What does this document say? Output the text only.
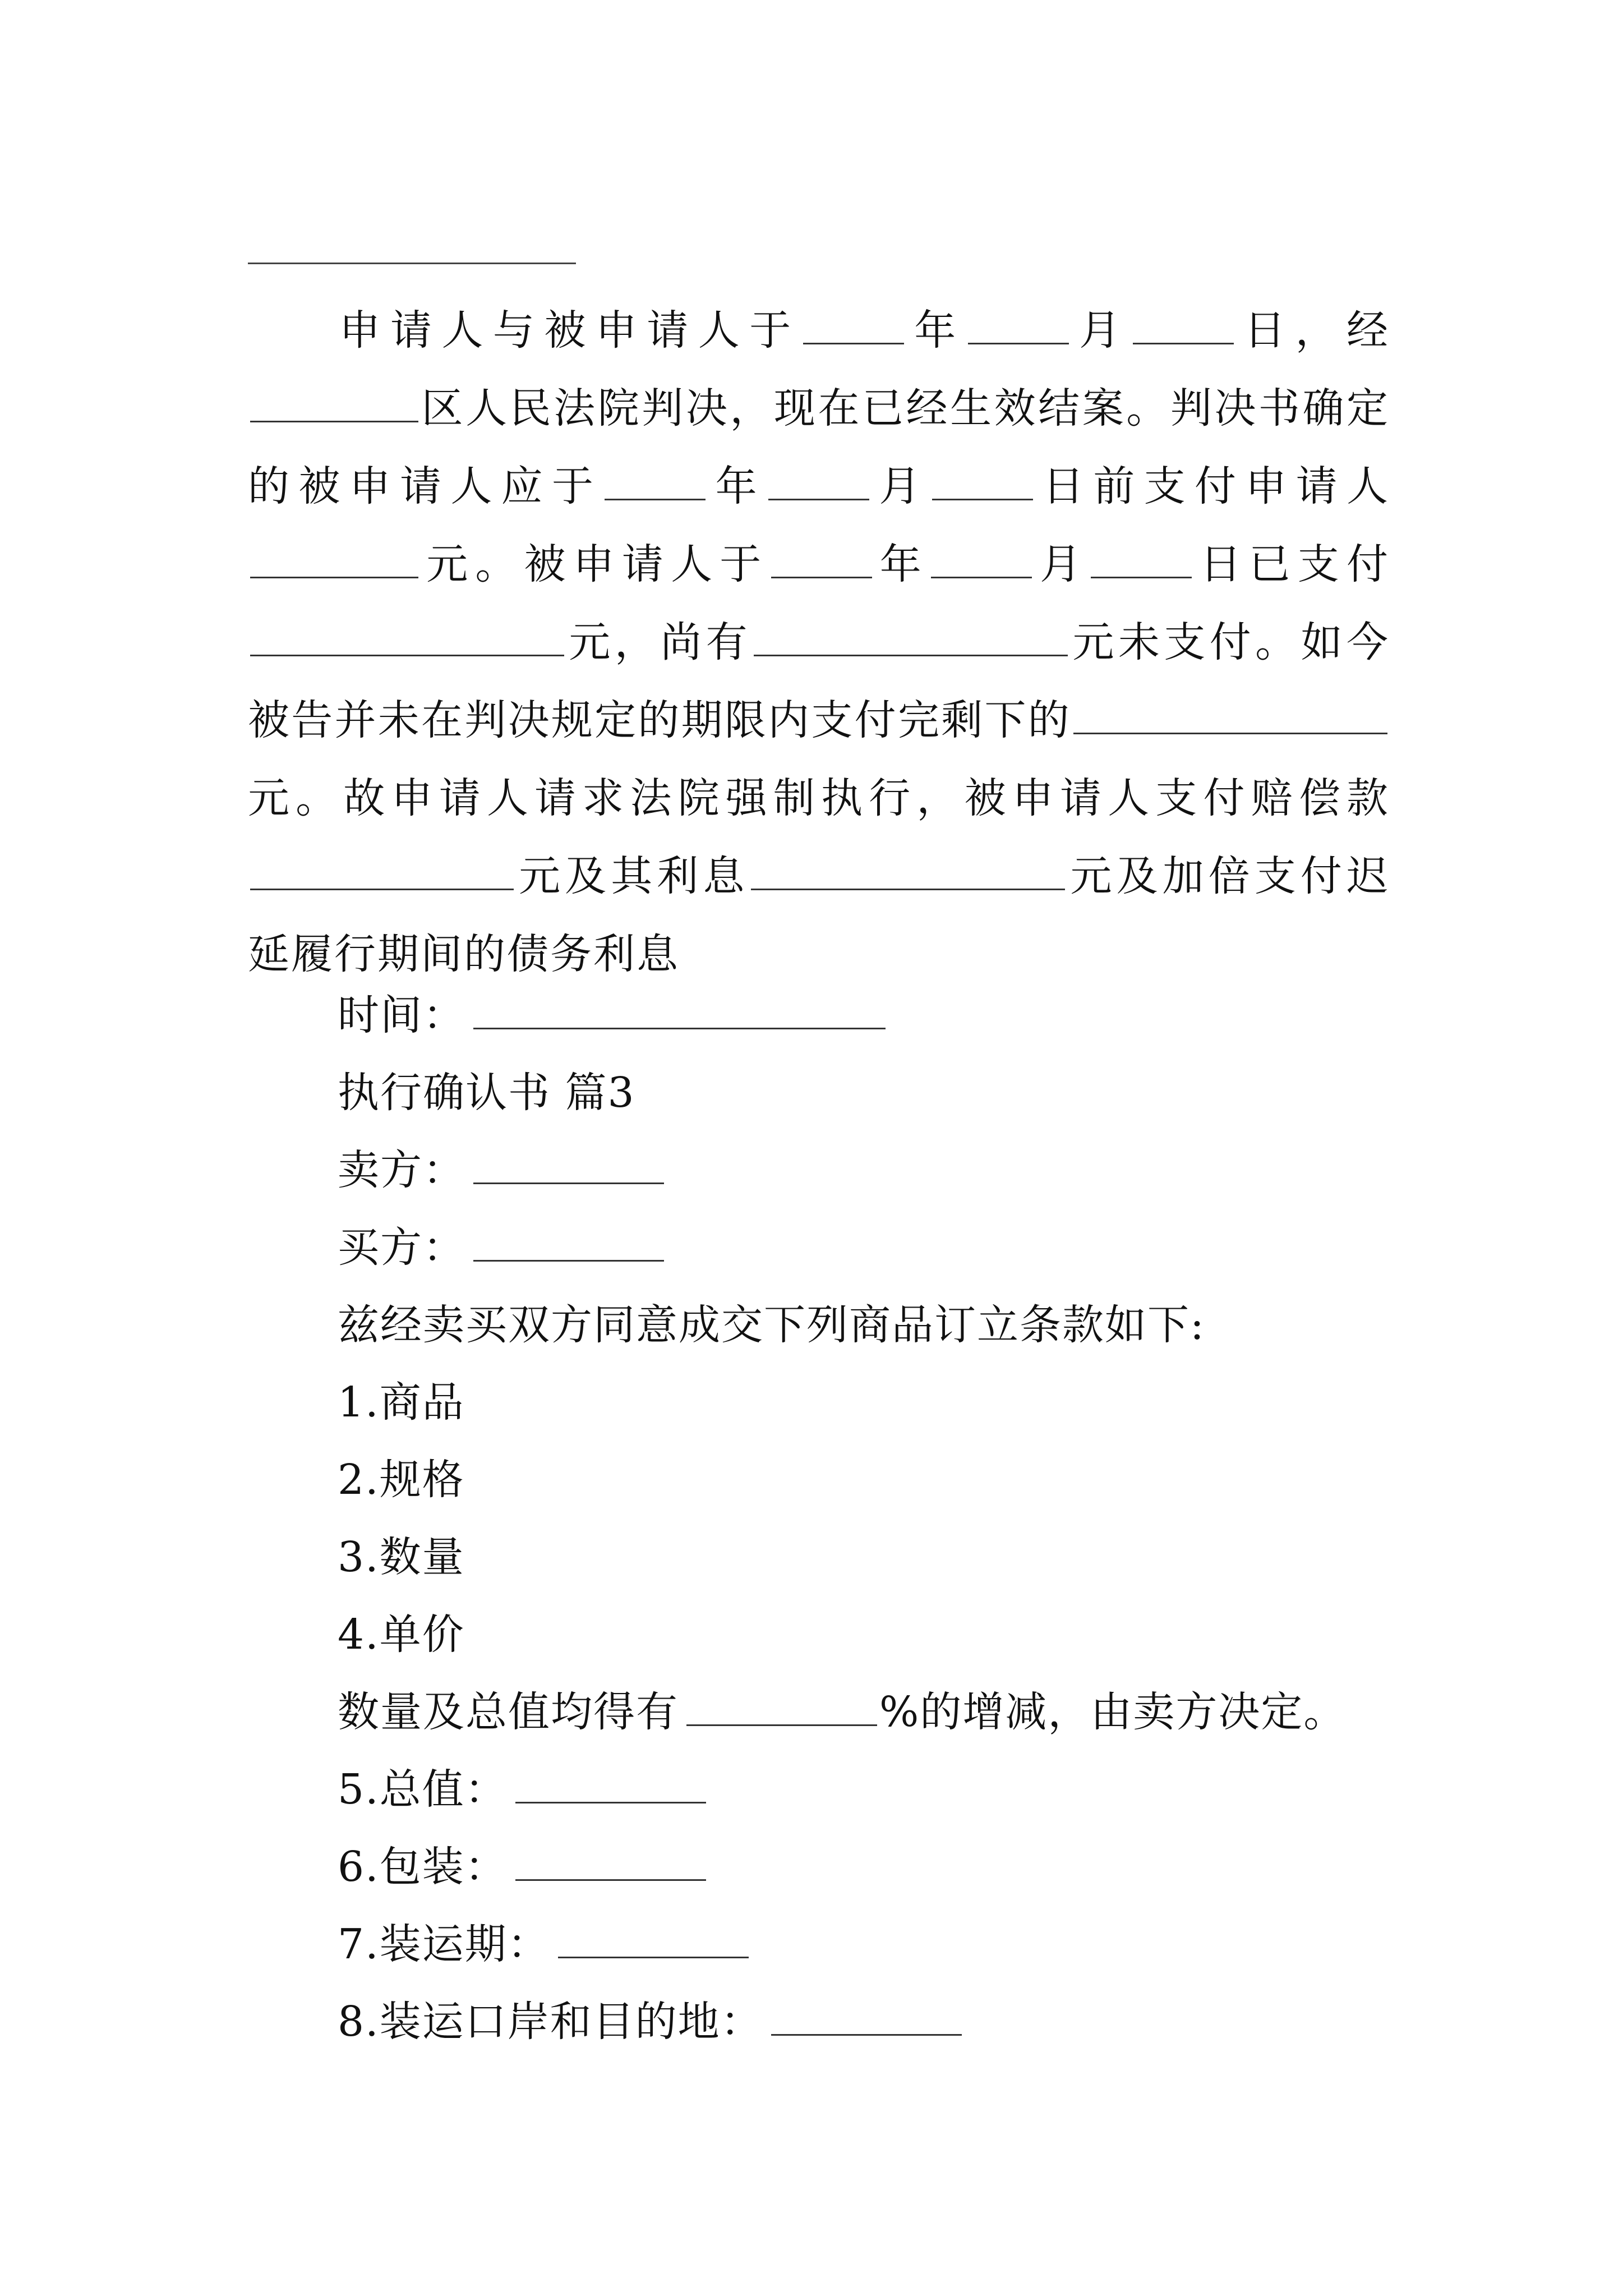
申请人与被申请人于	年	月	日，经区人民法院判决，现在已经生效结案。判决书确定的被申请人应于	年	月	日前支付申请人元。被申请人于	年	月	日已支付元，尚有	元未支付。如今被告并未在判决规定的期限内支付完剩下的元。故申请人请求法院强制执行，被申请人支付赔偿款元及其利息	元及加倍支付迟延履行期间的债务利息
时间：
执行确认书 篇3
卖方：
买方：
兹经卖买双方同意成交下列商品订立条款如下:
1.商品
2.规格
3.数量
4.单价
数量及总值均得有	%的增减，由卖方决定。
5.总值：
6.包装：
7.装运期：
8.装运口岸和目的地：
